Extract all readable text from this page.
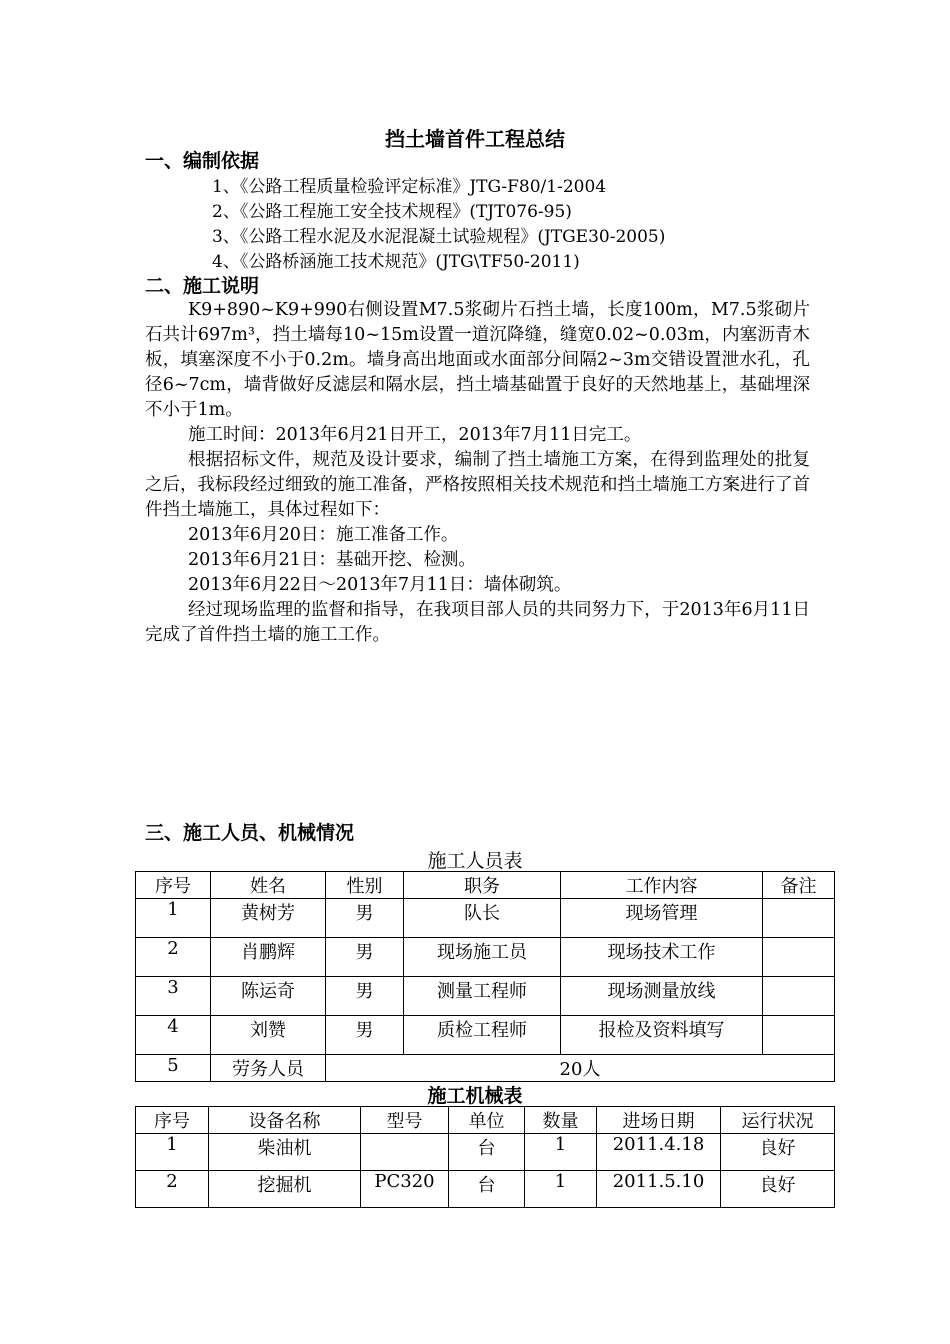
挡土墙首件工程总结
一、编制依据
1、《公路工程质量检验评定标准》JTG-F80/1-2004
2、《公路工程施工安全技术规程》(TJT076-95)
3、《公路工程水泥及水泥混凝土试验规程》(JTGE30-2005)
4、《公路桥涵施工技术规范》(JTG\TF50-2011)
二、施工说明

K9+890~K9+990右侧设置M7.5浆砌片石挡土墙，长度100m，M7.5浆砌片石共计697m³，挡土墙每10~15m设置一道沉降缝，缝宽0.02~0.03m，内塞沥青木板，填塞深度不小于0.2m。墙身高出地面或水面部分间隔2~3m交错设置泄水孔，孔径6~7cm，墙背做好反滤层和隔水层，挡土墙基础置于良好的天然地基上，基础埋深不小于1m。

施工时间：2013年6月21日开工，2013年7月11日完工。

根据招标文件，规范及设计要求，编制了挡土墙施工方案，在得到监理处的批复之后，我标段经过细致的施工准备，严格按照相关技术规范和挡土墙施工方案进行了首件挡土墙施工，具体过程如下：

2013年6月20日：施工准备工作。

2013年6月21日：基础开挖、检测。

2013年6月22日～2013年7月11日：墙体砌筑。

经过现场监理的监督和指导，在我项目部人员的共同努力下，于2013年6月11日完成了首件挡土墙的施工工作。

三、施工人员、机械情况
施工人员表
序号	姓名	性别	职务	工作内容	备注
1	黄树芳	男	队长	现场管理	
2	肖鹏辉	男	现场施工员	现场技术工作	
3	陈运奇	男	测量工程师	现场测量放线	
4	刘赞	男	质检工程师	报检及资料填写	
5	劳务人员	20人			
施工机械表
序号	设备名称	型号	单位	数量	进场日期	运行状况
1	柴油机		台	1	2011.4.18	良好
2	挖掘机	PC320	台	1	2011.5.10	良好
